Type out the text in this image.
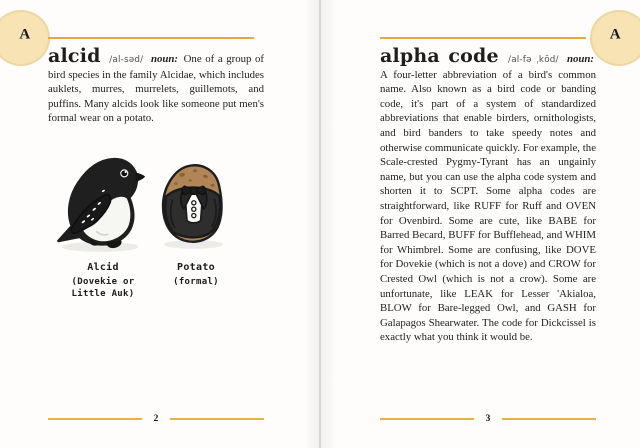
A	A

alcid /al-səd/ noun: One of a group of bird species in the family Alcidae, which includes auklets, murres, murrelets, guillemots, and puffins. Many alcids look like someone put men's formal wear on a potato.

Alcid
(Dovekie or
Little Auk)
Potato
(formal)

alpha code /al-fə ˌkōd/ noun: A four-letter abbreviation of a bird's common name. Also known as a bird code or banding code, it's part of a system of standardized abbreviations that enable birders, ornithologists, and bird banders to take speedy notes and otherwise communicate quickly. For example, the Scale-crested Pygmy-Tyrant has an ungainly name, but you can use the alpha code system and shorten it to SCPT. Some alpha codes are straightforward, like RUFF for Ruff and OVEN for Ovenbird. Some are cute, like BABE for Barred Becard, BUFF for Bufflehead, and WHIM for Whimbrel. Some are confusing, like DOVE for Dovekie (which is not a dove) and CROW for Crested Owl (which is not a crow). Some are unfortunate, like LEAK for Lesser 'Akialoa, BLOW for Bare-legged Owl, and GASH for Galapagos Shearwater. The code for Dickcissel is exactly what you think it would be.

2	3
